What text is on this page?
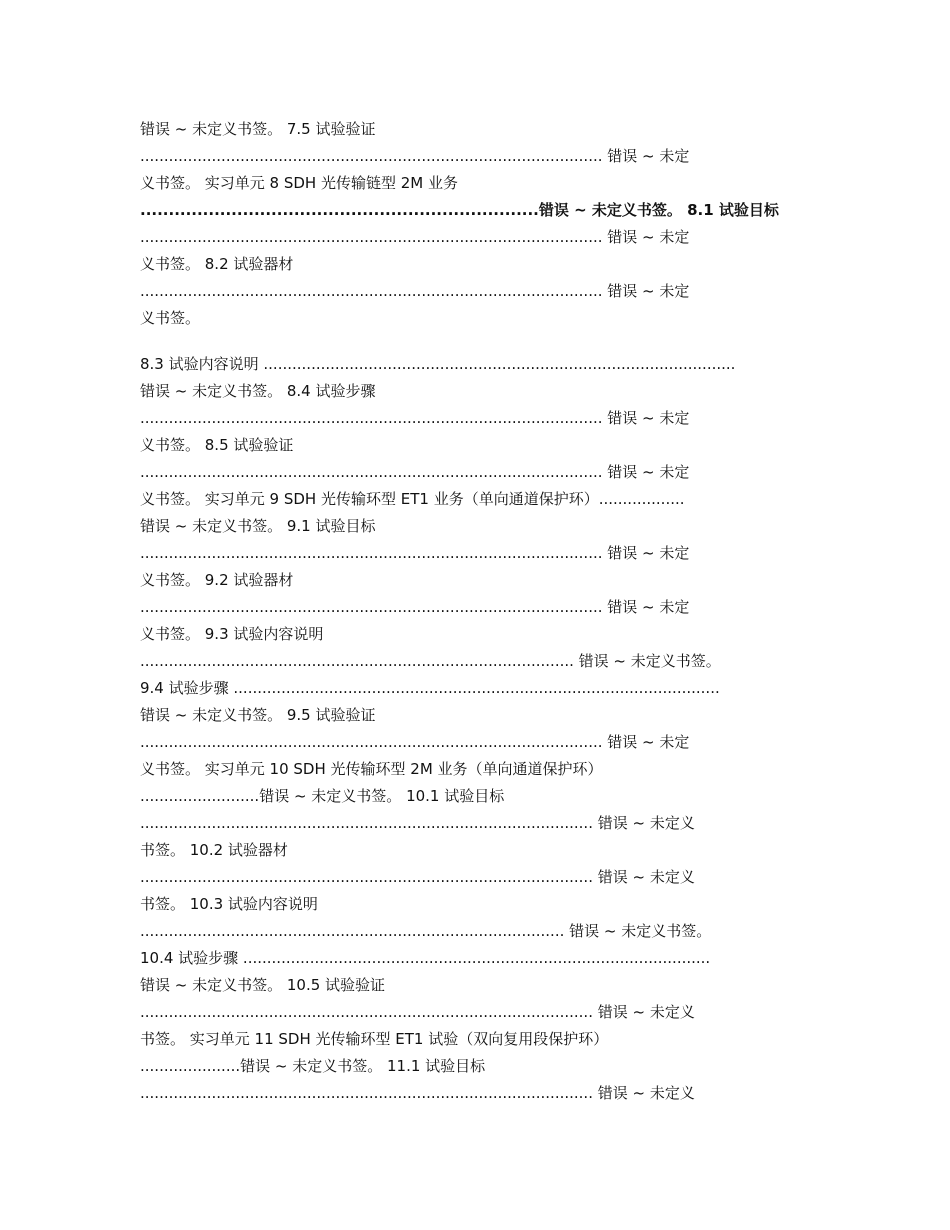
错误 ~ 未定义书签。 7.5 试验验证
................................................................................................. 错误 ~ 未定
义书签。 实习单元 8 SDH 光传输链型 2M 业务
......................................................................错误 ~ 未定义书签。 8.1 试验目标
................................................................................................. 错误 ~ 未定
义书签。 8.2 试验器材
................................................................................................. 错误 ~ 未定
义书签。
8.3 试验内容说明 ...................................................................................................
错误 ~ 未定义书签。 8.4 试验步骤
................................................................................................. 错误 ~ 未定
义书签。 8.5 试验验证
................................................................................................. 错误 ~ 未定
义书签。 实习单元 9 SDH 光传输环型 ET1 业务（单向通道保护环）..................
错误 ~ 未定义书签。 9.1 试验目标
................................................................................................. 错误 ~ 未定
义书签。 9.2 试验器材
................................................................................................. 错误 ~ 未定
义书签。 9.3 试验内容说明
........................................................................................... 错误 ~ 未定义书签。
9.4 试验步骤 ......................................................................................................
错误 ~ 未定义书签。 9.5 试验验证
................................................................................................. 错误 ~ 未定
义书签。 实习单元 10 SDH 光传输环型 2M 业务（单向通道保护环）
.........................错误 ~ 未定义书签。 10.1 试验目标
............................................................................................... 错误 ~ 未定义
书签。 10.2 试验器材
............................................................................................... 错误 ~ 未定义
书签。 10.3 试验内容说明
......................................................................................... 错误 ~ 未定义书签。
10.4 试验步骤 ..................................................................................................
错误 ~ 未定义书签。 10.5 试验验证
............................................................................................... 错误 ~ 未定义
书签。 实习单元 11 SDH 光传输环型 ET1 试验（双向复用段保护环）
.....................错误 ~ 未定义书签。 11.1 试验目标
............................................................................................... 错误 ~ 未定义
